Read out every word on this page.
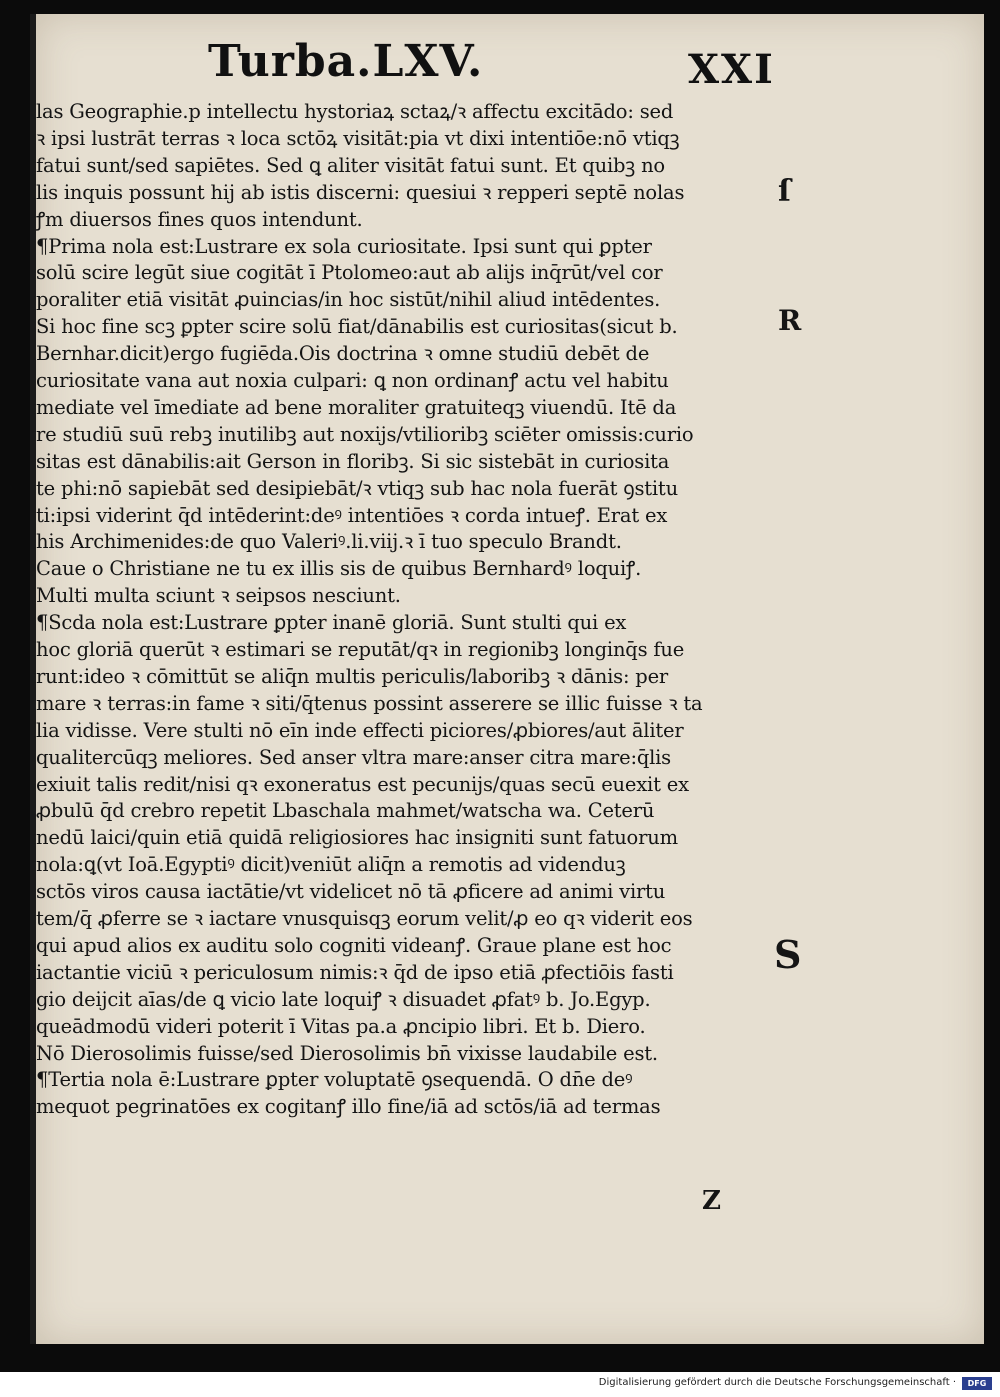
Turba.LXV.	XXI
las Geographie.p intellectu hystoriaꝝ sctaꝝ/ꝛ affectu excitādo: sed
ꝛ ipsi lustrāt terras ꝛ loca sctōꝝ visitāt:pia vt dixi intentiōe:nō vtiqꝫ
fatui sunt/sed sapiētes. Sed ꝗ aliter visitāt fatui sunt. Et quibꝫ no
lis inquis possunt hij ab istis discerni: quesiui ꝛ repperi septē nolas
ꝭm diuersos fines quos intendunt.
¶Prima nola est:Lustrare ex sola curiositate. Ipsi sunt qui ꝑpter
solū scire legūt siue cogitāt ī Ptolomeo:aut ab alijs inq̄rūt/vel cor
poraliter etiā visitāt ꝓuincias/in hoc sistūt/nihil aliud intēdentes.
Si hoc fine scꝫ ꝑpter scire solū fiat/dānabilis est curiositas(sicut b.
Bernhar.dicit)ergo fugiēda.Ois doctrina ꝛ omne studiū debēt de
curiositate vana aut noxia culpari: ꝗ non ordinanꝭ actu vel habitu
mediate vel īmediate ad bene moraliter gratuiteqꝫ viuendū. Itē da
re studiū suū rebꝫ inutilibꝫ aut noxijs/vtilioribꝫ sciēter omissis:curio
sitas est dānabilis:ait Gerson in floribꝫ. Si sic sistebāt in curiosita
te phi:nō sapiebāt sed desipiebāt/ꝛ vtiqꝫ sub hac nola fuerāt ꝯstitu
ti:ipsi viderint q̄d intēderint:deꝰ intentiōes ꝛ corda intueꝭ. Erat ex
his Archimenides:de quo Valeriꝰ.li.viij.ꝛ ī tuo speculo Brandt.
Caue o Christiane ne tu ex illis sis de quibus Bernhardꝰ loquiꝭ.
Multi multa sciunt ꝛ seipsos nesciunt.
¶Scda nola est:Lustrare ꝑpter inanē gloriā. Sunt stulti qui ex
hoc gloriā querūt ꝛ estimari se reputāt/qꝛ in regionibꝫ longinq̄s fue
runt:ideo ꝛ cōmittūt se aliq̄n multis periculis/laboribꝫ ꝛ dānis: per
mare ꝛ terras:in fame ꝛ siti/q̄tenus possint asserere se illic fuisse ꝛ ta
lia vidisse. Vere stulti nō eīn inde effecti piciores/ꝓbiores/aut āliter
qualitercūqꝫ meliores. Sed anser vltra mare:anser citra mare:q̄lis
exiuit talis redit/nisi qꝛ exoneratus est pecunijs/quas secū euexit ex
ꝓbulū q̄d crebro repetit Lbaschala mahmet/watscha wa. Ceterū
nedū laici/quin etiā quidā religiosiores hac insigniti sunt fatuorum
nola:ꝗ(vt Ioā.Egyptiꝰ dicit)veniūt aliq̄n a remotis ad videnduꝫ
sctōs viros causa iactātie/vt videlicet nō tā ꝓficere ad animi virtu
tem/q̄ ꝓferre se ꝛ iactare vnusquisqꝫ eorum velit/ꝓ eo qꝛ viderit eos
qui apud alios ex auditu solo cogniti videanꝭ. Graue plane est hoc
iactantie viciū ꝛ periculosum nimis:ꝛ q̄d de ipso etiā ꝓfectiōis fasti
gio deijcit aīas/de ꝗ vicio late loquiꝭ ꝛ disuadet ꝓfatꝰ b. Jo.Egyp.
queādmodū videri poterit ī Vitas pa.a ꝓncipio libri. Et b. Diero.
Nō Dierosolimis fuisse/sed Dierosolimis bn̄ vixisse laudabile est.
¶Tertia nola ē:Lustrare ꝑpter voluptatē ꝯsequendā. O dn̄e deꝰ
mequot pegrinatōes ex cogitanꝭ illo fine/iā ad sctōs/iā ad termas
ſ
R
S
Z
Digitalisierung gefördert durch die Deutsche Forschungsgemeinschaft ·	DFG
